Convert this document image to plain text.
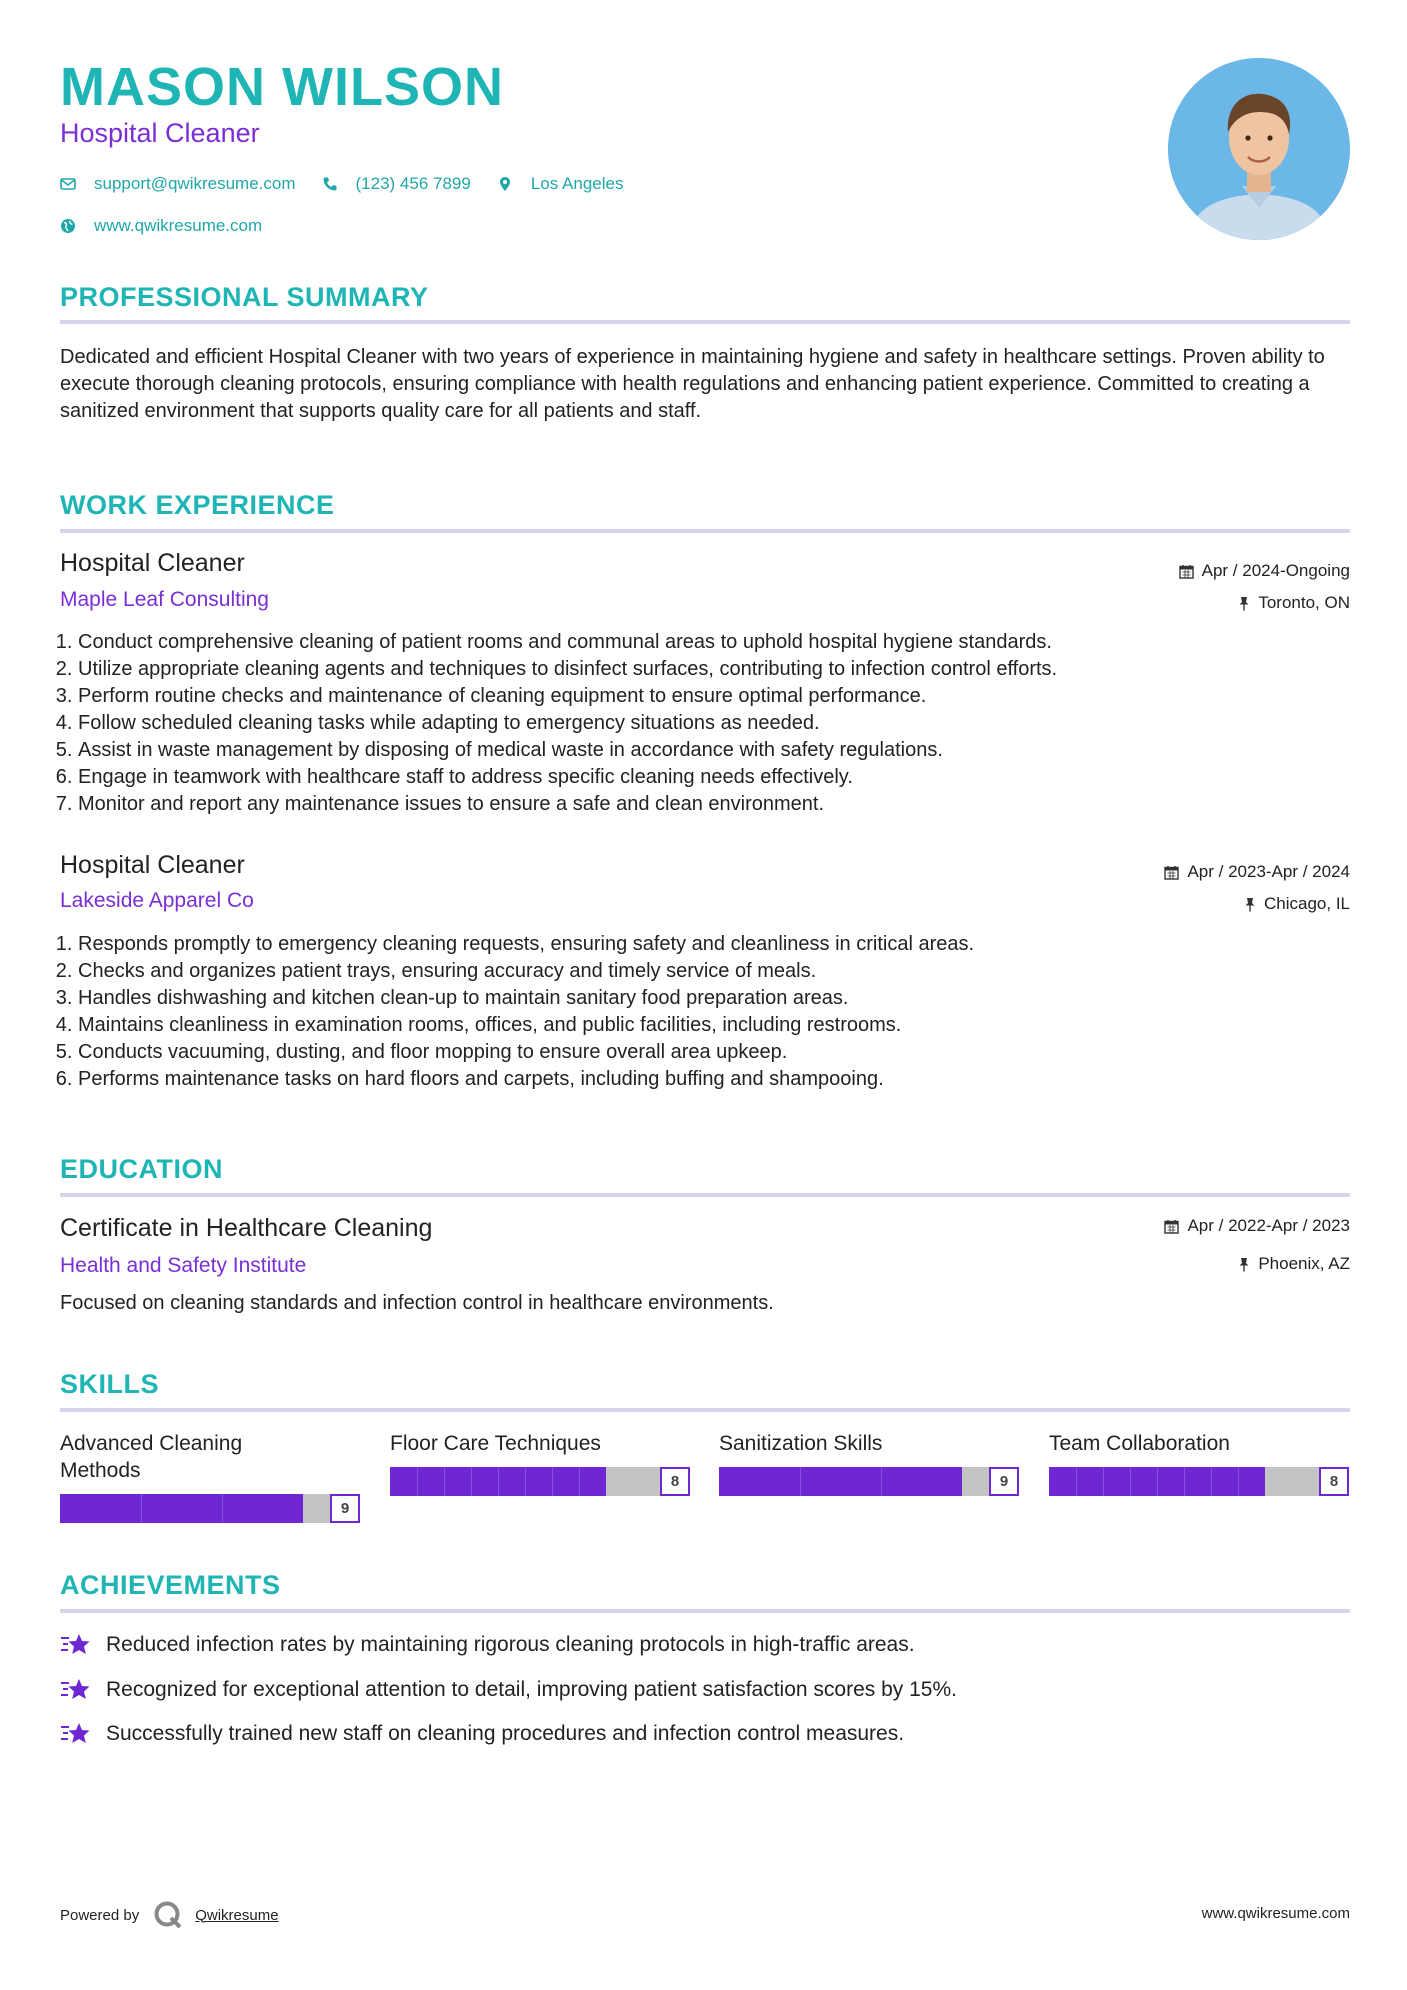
MASON WILSON
Hospital Cleaner
support@qwikresume.com	(123) 456 7899	Los Angeles
www.qwikresume.com
PROFESSIONAL SUMMARY

Dedicated and efficient Hospital Cleaner with two years of experience in maintaining hygiene and safety in healthcare settings. Proven ability to execute thorough cleaning protocols, ensuring compliance with health regulations and enhancing patient experience. Committed to creating a sanitized environment that supports quality care for all patients and staff.

WORK EXPERIENCE
Hospital Cleaner	Apr / 2024-Ongoing
Maple Leaf Consulting	Toronto, ON
1. Conduct comprehensive cleaning of patient rooms and communal areas to uphold hospital hygiene standards.
2. Utilize appropriate cleaning agents and techniques to disinfect surfaces, contributing to infection control efforts.
3. Perform routine checks and maintenance of cleaning equipment to ensure optimal performance.
4. Follow scheduled cleaning tasks while adapting to emergency situations as needed.
5. Assist in waste management by disposing of medical waste in accordance with safety regulations.
6. Engage in teamwork with healthcare staff to address specific cleaning needs effectively.
7. Monitor and report any maintenance issues to ensure a safe and clean environment.
Hospital Cleaner	Apr / 2023-Apr / 2024
Lakeside Apparel Co	Chicago, IL
1. Responds promptly to emergency cleaning requests, ensuring safety and cleanliness in critical areas.
2. Checks and organizes patient trays, ensuring accuracy and timely service of meals.
3. Handles dishwashing and kitchen clean-up to maintain sanitary food preparation areas.
4. Maintains cleanliness in examination rooms, offices, and public facilities, including restrooms.
5. Conducts vacuuming, dusting, and floor mopping to ensure overall area upkeep.
6. Performs maintenance tasks on hard floors and carpets, including buffing and shampooing.
EDUCATION
Certificate in Healthcare Cleaning	Apr / 2022-Apr / 2023
Health and Safety Institute	Phoenix, AZ

Focused on cleaning standards and infection control in healthcare environments.

SKILLS
Advanced Cleaning Methods
9
Floor Care Techniques
8
Sanitization Skills
9
Team Collaboration
8
ACHIEVEMENTS
Reduced infection rates by maintaining rigorous cleaning protocols in high-traffic areas.
Recognized for exceptional attention to detail, improving patient satisfaction scores by 15%.
Successfully trained new staff on cleaning procedures and infection control measures.
Powered by	Qwikresume	www.qwikresume.com
